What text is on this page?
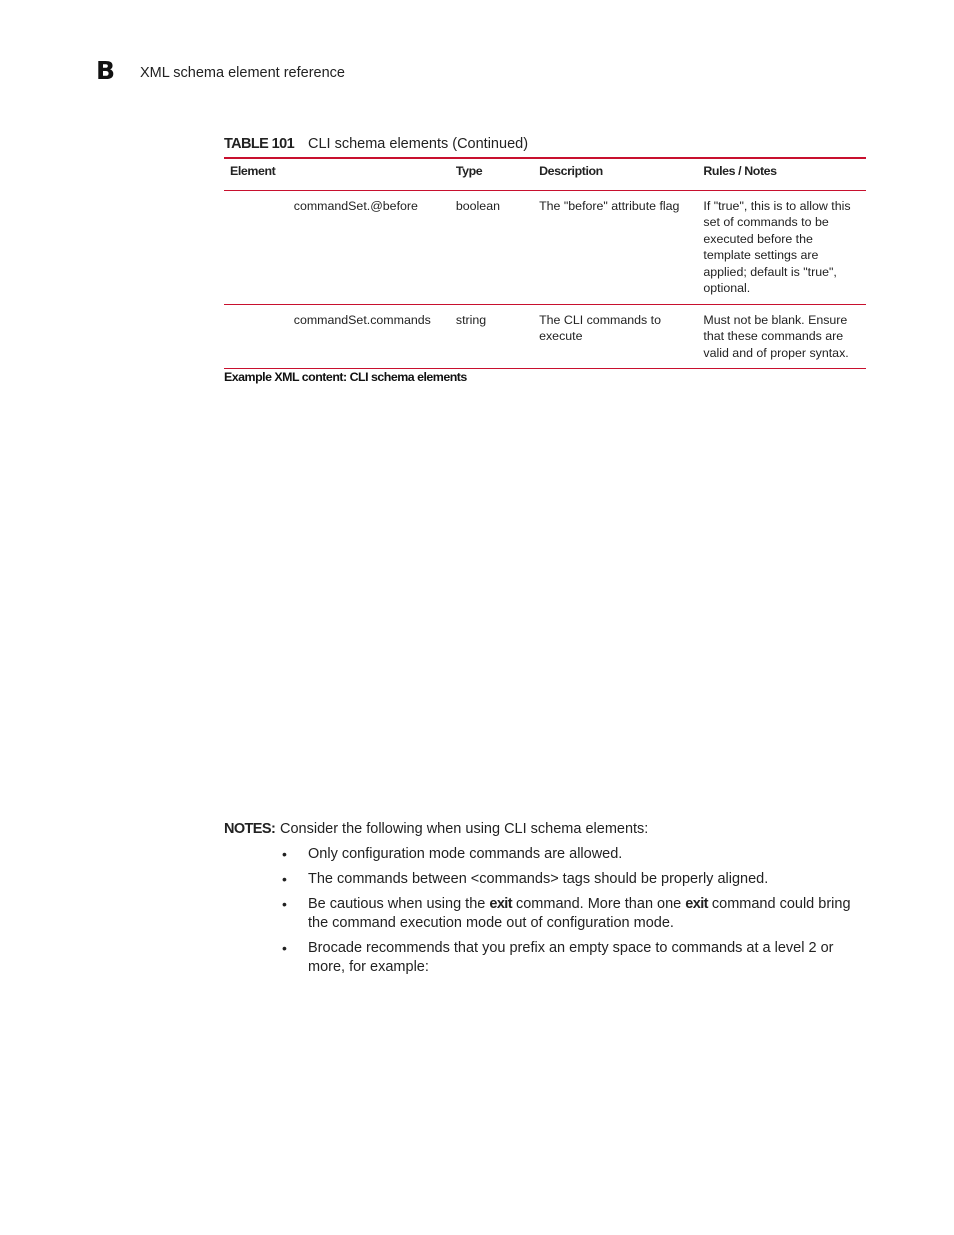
B XML schema element reference
TABLE 101 CLI schema elements (Continued)
Element		Type	Description	Rules / Notes
	commandSet.@before	boolean	The "before" attribute flag	If "true", this is to allow this set of commands to be executed before the template settings are applied; default is "true", optional.
	commandSet.commands	string	The CLI commands to execute	Must not be blank. Ensure that these commands are valid and of proper syntax.
Example XML content: CLI schema elements
NOTES: Consider the following when using CLI schema elements:
• Only configuration mode commands are allowed.
• The commands between <commands> tags should be properly aligned.
• Be cautious when using the exit command. More than one exit command could bring the command execution mode out of configuration mode.
• Brocade recommends that you prefix an empty space to commands at a level 2 or more, for example:
